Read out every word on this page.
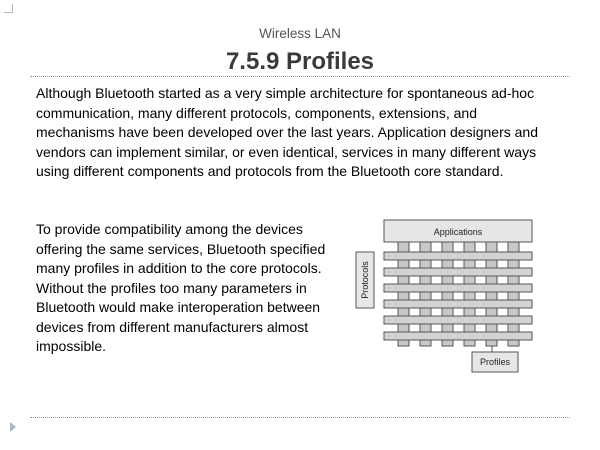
Wireless LAN
7.5.9 Profiles
Although Bluetooth started as a very simple architecture for spontaneous ad-hoc communication, many different protocols, components, extensions, and mechanisms have been developed over the last years. Application designers and vendors can implement similar, or even identical, services in many different ways using different components and protocols from the Bluetooth core standard.
To provide compatibility among the devices offering the same services, Bluetooth specified many profiles in addition to the core protocols. Without the profiles too many parameters in Bluetooth would make interoperation between devices from different manufacturers almost impossible.
Applications
Protocols
Profiles
